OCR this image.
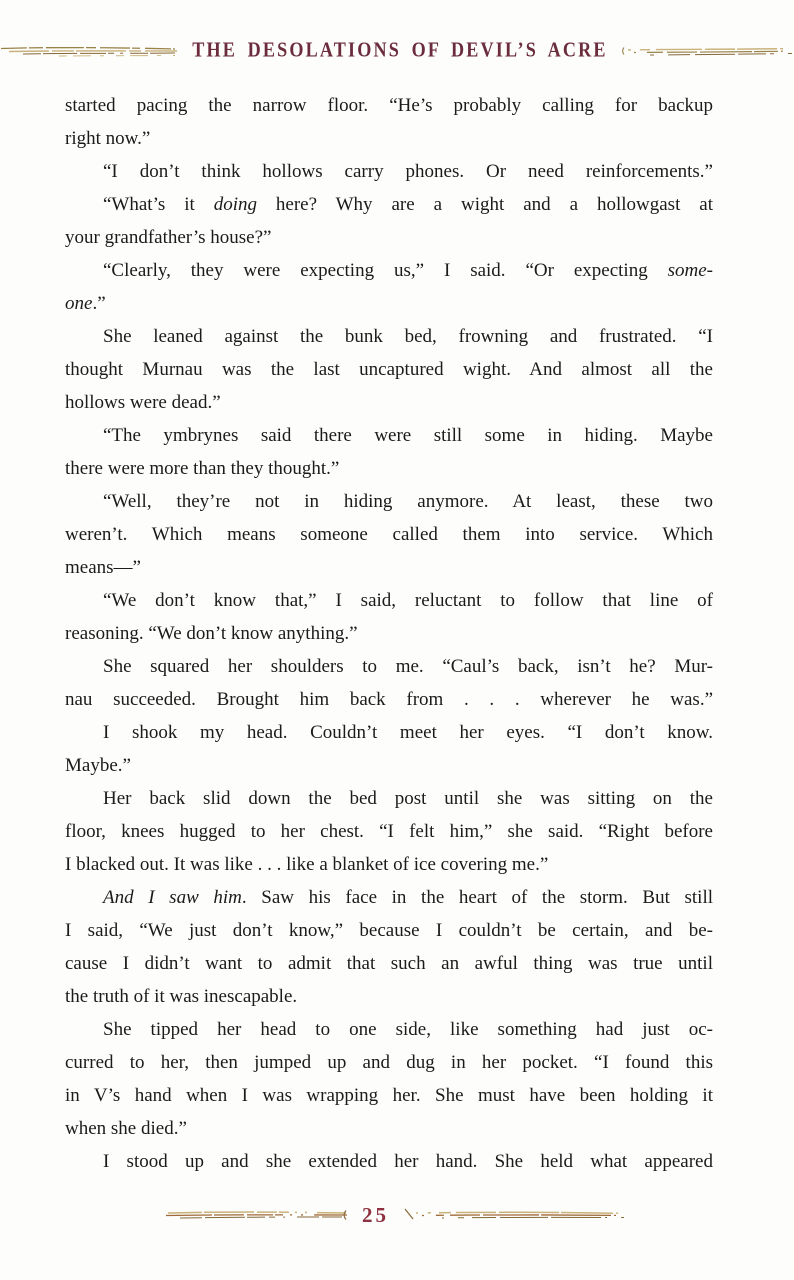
THE DESOLATIONS OF DEVIL’S ACRE
started pacing the narrow floor. “He’s probably calling for backup
right now.”
“I don’t think hollows carry phones. Or need reinforcements.”
“What’s it doing here? Why are a wight and a hollowgast at
your grandfather’s house?”
“Clearly, they were expecting us,” I said. “Or expecting some-
one.”
She leaned against the bunk bed, frowning and frustrated. “I
thought Murnau was the last uncaptured wight. And almost all the
hollows were dead.”
“The ymbrynes said there were still some in hiding. Maybe
there were more than they thought.”
“Well, they’re not in hiding anymore. At least, these two
weren’t. Which means someone called them into service. Which
means—”
“We don’t know that,” I said, reluctant to follow that line of
reasoning. “We don’t know anything.”
She squared her shoulders to me. “Caul’s back, isn’t he? Mur-
nau succeeded. Brought him back from . . . wherever he was.”
I shook my head. Couldn’t meet her eyes. “I don’t know.
Maybe.”
Her back slid down the bed post until she was sitting on the
floor, knees hugged to her chest. “I felt him,” she said. “Right before
I blacked out. It was like . . . like a blanket of ice covering me.”
And I saw him. Saw his face in the heart of the storm. But still
I said, “We just don’t know,” because I couldn’t be certain, and be-
cause I didn’t want to admit that such an awful thing was true until
the truth of it was inescapable.
She tipped her head to one side, like something had just oc-
curred to her, then jumped up and dug in her pocket. “I found this
in V’s hand when I was wrapping her. She must have been holding it
when she died.”
I stood up and she extended her hand. She held what appeared
25
